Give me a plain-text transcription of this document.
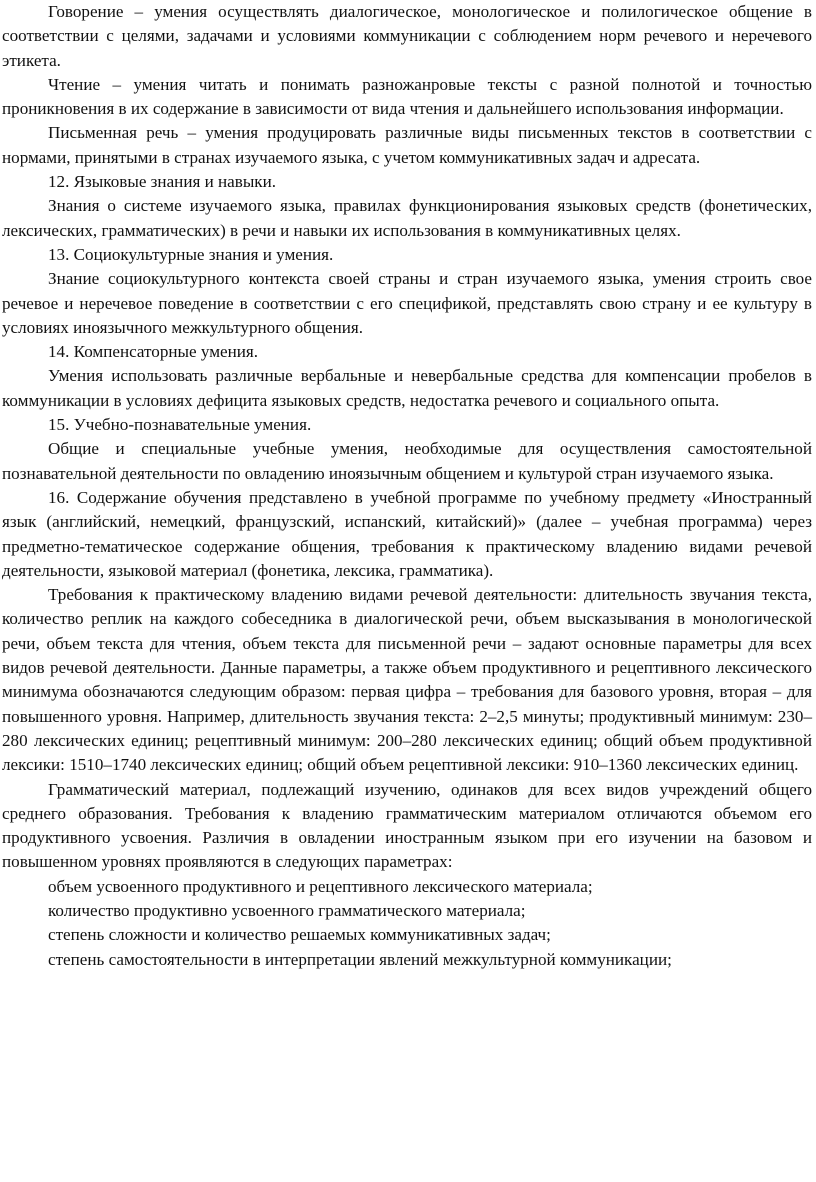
Говорение – умения осуществлять диалогическое, монологическое и полилогическое общение в соответствии с целями, задачами и условиями коммуникации с соблюдением норм речевого и неречевого этикета.

Чтение – умения читать и понимать разножанровые тексты с разной полнотой и точностью проникновения в их содержание в зависимости от вида чтения и дальнейшего использования информации.

Письменная речь – умения продуцировать различные виды письменных текстов в соответствии с нормами, принятыми в странах изучаемого языка, с учетом коммуникативных задач и адресата.

12. Языковые знания и навыки.

Знания о системе изучаемого языка, правилах функционирования языковых средств (фонетических, лексических, грамматических) в речи и навыки их использования в коммуникативных целях.

13. Социокультурные знания и умения.

Знание социокультурного контекста своей страны и стран изучаемого языка, умения строить свое речевое и неречевое поведение в соответствии с его спецификой, представлять свою страну и ее культуру в условиях иноязычного межкультурного общения.

14. Компенсаторные умения.

Умения использовать различные вербальные и невербальные средства для компенсации пробелов в коммуникации в условиях дефицита языковых средств, недостатка речевого и социального опыта.

15. Учебно-познавательные умения.

Общие и специальные учебные умения, необходимые для осуществления самостоятельной познавательной деятельности по овладению иноязычным общением и культурой стран изучаемого языка.

16. Содержание обучения представлено в учебной программе по учебному предмету «Иностранный язык (английский, немецкий, французский, испанский, китайский)» (далее – учебная программа) через предметно-тематическое содержание общения, требования к практическому владению видами речевой деятельности, языковой материал (фонетика, лексика, грамматика).

Требования к практическому владению видами речевой деятельности: длительность звучания текста, количество реплик на каждого собеседника в диалогической речи, объем высказывания в монологической речи, объем текста для чтения, объем текста для письменной речи – задают основные параметры для всех видов речевой деятельности. Данные параметры, а также объем продуктивного и рецептивного лексического минимума обозначаются следующим образом: первая цифра – требования для базового уровня, вторая – для повышенного уровня. Например, длительность звучания текста: 2–2,5 минуты; продуктивный минимум: 230–280 лексических единиц; рецептивный минимум: 200–280 лексических единиц; общий объем продуктивной лексики: 1510–1740 лексических единиц; общий объем рецептивной лексики: 910–1360 лексических единиц.

Грамматический материал, подлежащий изучению, одинаков для всех видов учреждений общего среднего образования. Требования к владению грамматическим материалом отличаются объемом его продуктивного усвоения. Различия в овладении иностранным языком при его изучении на базовом и повышенном уровнях проявляются в следующих параметрах:

объем усвоенного продуктивного и рецептивного лексического материала;

количество продуктивно усвоенного грамматического материала;

степень сложности и количество решаемых коммуникативных задач;

степень самостоятельности в интерпретации явлений межкультурной коммуникации;
